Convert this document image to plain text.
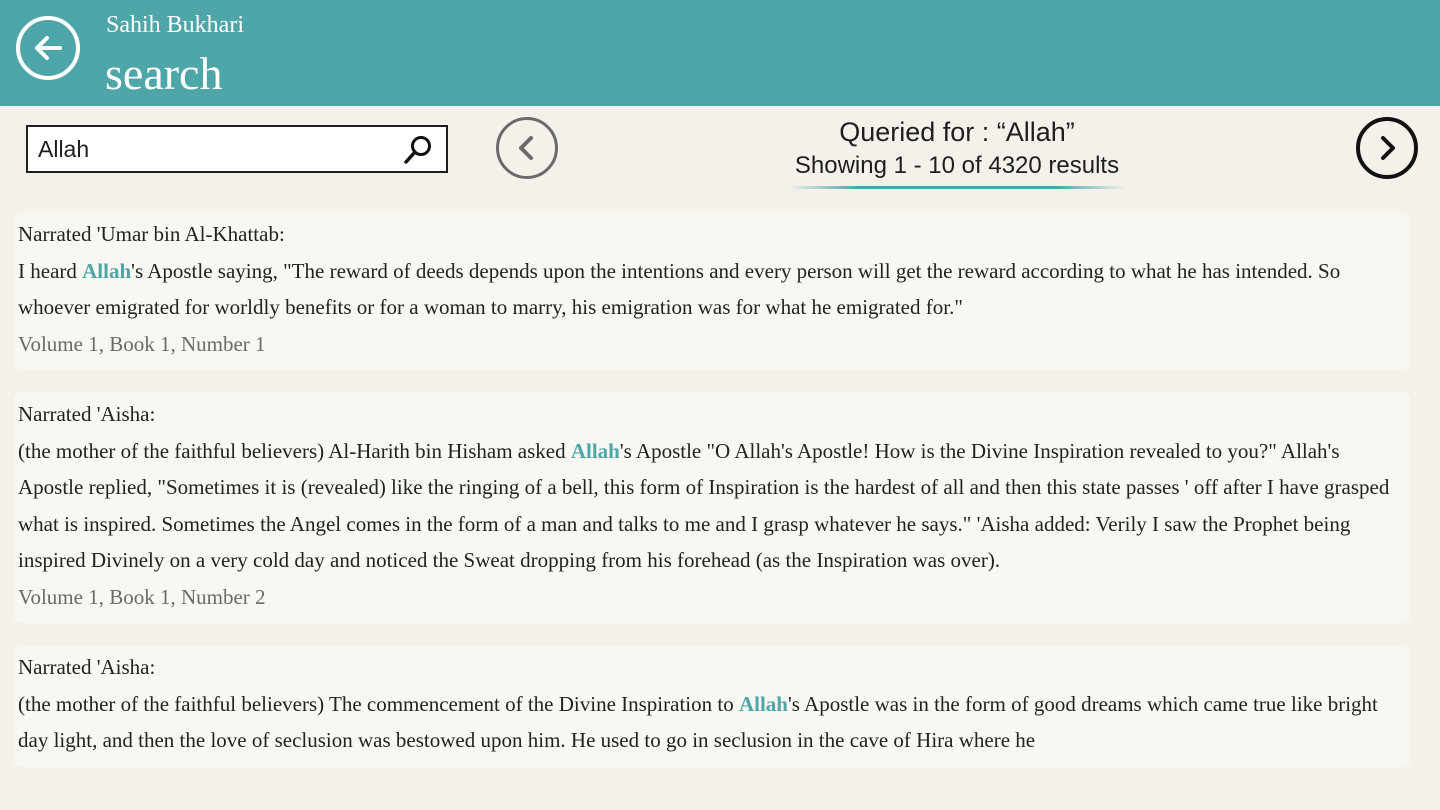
Sahih Bukhari
search
Allah
Queried for : “Allah”
Showing 1 - 10 of 4320 results

Narrated 'Umar bin Al-Khattab:

I heard Allah's Apostle saying, "The reward of deeds depends upon the intentions and every person will get the reward according to what he has intended. So whoever emigrated for worldly benefits or for a woman to marry, his emigration was for what he emigrated for."

Volume 1, Book 1, Number 1

Narrated 'Aisha:

(the mother of the faithful believers) Al-Harith bin Hisham asked Allah's Apostle "O Allah's Apostle! How is the Divine Inspiration revealed to you?" Allah's Apostle replied, "Sometimes it is (revealed) like the ringing of a bell, this form of Inspiration is the hardest of all and then this state passes ' off after I have grasped what is inspired. Sometimes the Angel comes in the form of a man and talks to me and I grasp whatever he says." 'Aisha added: Verily I saw the Prophet being inspired Divinely on a very cold day and noticed the Sweat dropping from his forehead (as the Inspiration was over).

Volume 1, Book 1, Number 2

Narrated 'Aisha:

(the mother of the faithful believers) The commencement of the Divine Inspiration to Allah's Apostle was in the form of good dreams which came true like bright day light, and then the love of seclusion was bestowed upon him. He used to go in seclusion in the cave of Hira where he
